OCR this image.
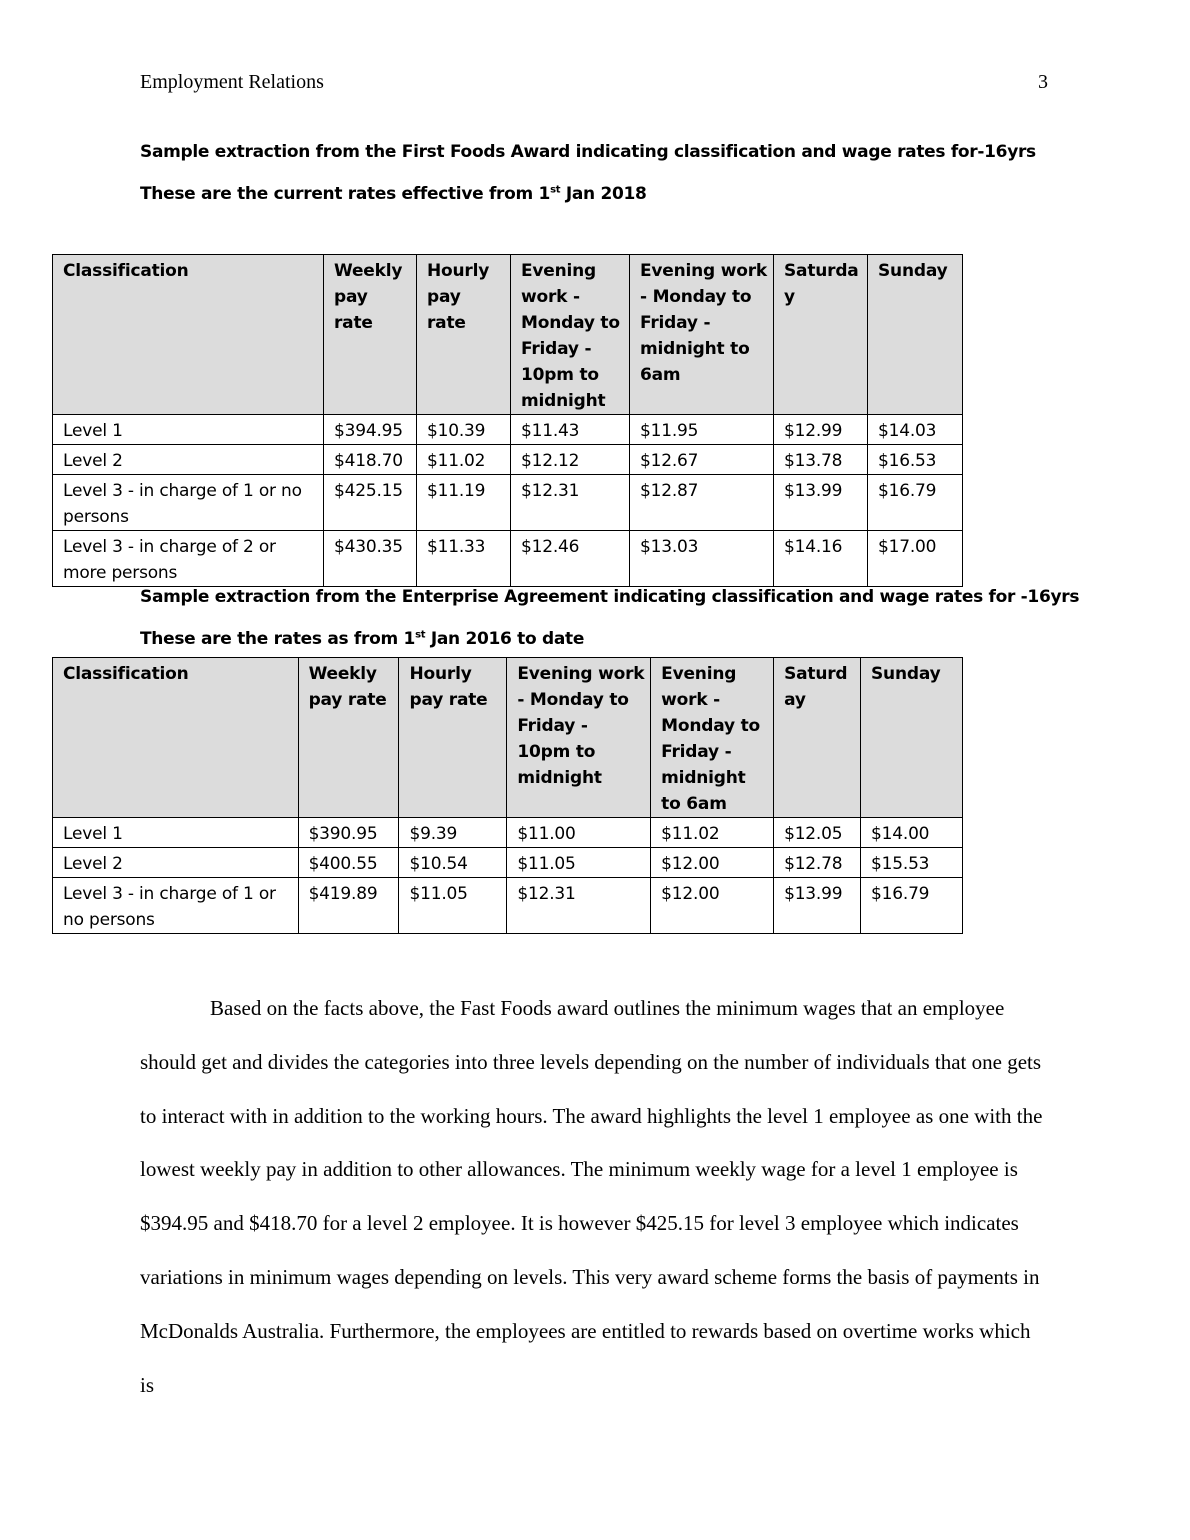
Employment Relations	3
Sample extraction from the First Foods Award indicating classification and wage rates for-16yrs
These are the current rates effective from 1st Jan 2018
Classification	Weekly pay rate	Hourly pay rate	Evening work - Monday to Friday - 10pm to midnight	Evening work - Monday to Friday - midnight to 6am	Saturday	Sunday
Level 1	$394.95	$10.39	$11.43	$11.95	$12.99	$14.03
Level 2	$418.70	$11.02	$12.12	$12.67	$13.78	$16.53
Level 3 - in charge of 1 or no persons	$425.15	$11.19	$12.31	$12.87	$13.99	$16.79
Level 3 - in charge of 2 or more persons	$430.35	$11.33	$12.46	$13.03	$14.16	$17.00
Sample extraction from the Enterprise Agreement indicating classification and wage rates for -16yrs
These are the rates as from 1st Jan 2016 to date
Classification	Weekly pay rate	Hourly pay rate	Evening work - Monday to Friday - 10pm to midnight	Evening work - Monday to Friday - midnight to 6am	Saturday	Sunday
Level 1	$390.95	$9.39	$11.00	$11.02	$12.05	$14.00
Level 2	$400.55	$10.54	$11.05	$12.00	$12.78	$15.53
Level 3 - in charge of 1 or no persons	$419.89	$11.05	$12.31	$12.00	$13.99	$16.79

Based on the facts above, the Fast Foods award outlines the minimum wages that an employee should get and divides the categories into three levels depending on the number of individuals that one gets to interact with in addition to the working hours. The award highlights the level 1 employee as one with the lowest weekly pay in addition to other allowances. The minimum weekly wage for a level 1 employee is $394.95 and $418.70 for a level 2 employee. It is however $425.15 for level 3 employee which indicates variations in minimum wages depending on levels. This very award scheme forms the basis of payments in McDonalds Australia. Furthermore, the employees are entitled to rewards based on overtime works which is
